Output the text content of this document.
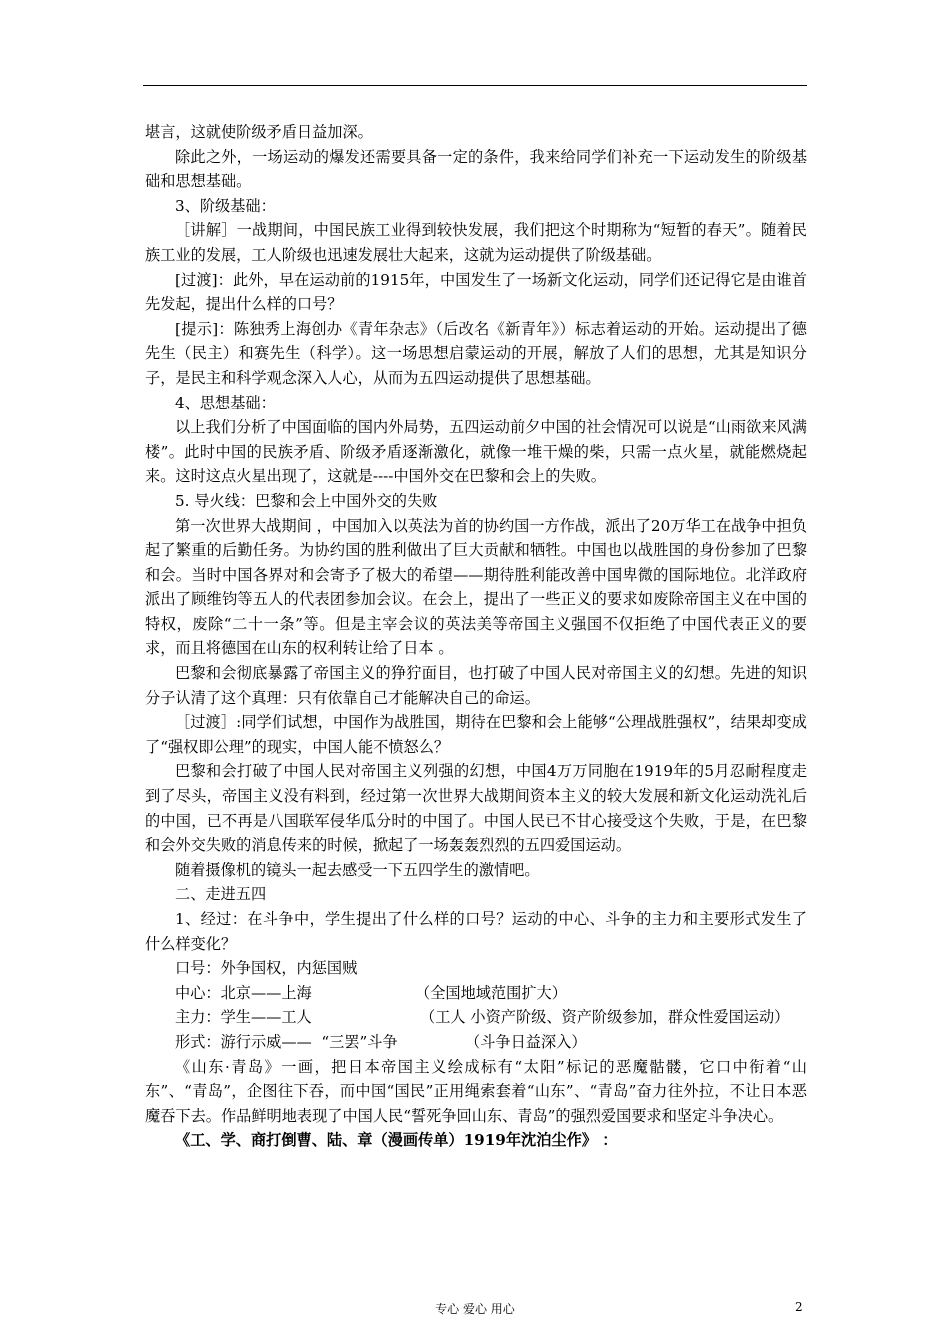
堪言，这就使阶级矛盾日益加深。

除此之外，一场运动的爆发还需要具备一定的条件，我来给同学们补充一下运动发生的阶级基础和思想基础。

3、阶级基础：

［讲解］一战期间，中国民族工业得到较快发展，我们把这个时期称为“短暂的春天”。随着民族工业的发展，工人阶级也迅速发展壮大起来，这就为运动提供了阶级基础。

[过渡]：此外，早在运动前的1915年，中国发生了一场新文化运动，同学们还记得它是由谁首先发起，提出什么样的口号？

[提示]：陈独秀上海创办《青年杂志》（后改名《新青年》）标志着运动的开始。运动提出了德先生（民主）和赛先生（科学）。这一场思想启蒙运动的开展，解放了人们的思想，尤其是知识分子，是民主和科学观念深入人心，从而为五四运动提供了思想基础。

4、思想基础：

以上我们分析了中国面临的国内外局势，五四运动前夕中国的社会情况可以说是“山雨欲来风满楼”。此时中国的民族矛盾、阶级矛盾逐渐激化，就像一堆干燥的柴，只需一点火星，就能燃烧起来。这时这点火星出现了，这就是----中国外交在巴黎和会上的失败。

5. 导火线：巴黎和会上中国外交的失败

第一次世界大战期间 ，中国加入以英法为首的协约国一方作战，派出了20万华工在战争中担负起了繁重的后勤任务。为协约国的胜利做出了巨大贡献和牺牲。中国也以战胜国的身份参加了巴黎和会。当时中国各界对和会寄予了极大的希望——期待胜利能改善中国卑微的国际地位。北洋政府派出了顾维钧等五人的代表团参加会议。在会上，提出了一些正义的要求如废除帝国主义在中国的特权，废除“二十一条”等。但是主宰会议的英法美等帝国主义强国不仅拒绝了中国代表正义的要求，而且将德国在山东的权利转让给了日本 。

巴黎和会彻底暴露了帝国主义的狰狞面目，也打破了中国人民对帝国主义的幻想。先进的知识分子认清了这个真理：只有依靠自己才能解决自己的命运。

［过渡］:同学们试想，中国作为战胜国，期待在巴黎和会上能够“公理战胜强权”，结果却变成了“强权即公理”的现实，中国人能不愤怒么？

巴黎和会打破了中国人民对帝国主义列强的幻想，中国4万万同胞在1919年的5月忍耐程度走到了尽头，帝国主义没有料到，经过第一次世界大战期间资本主义的较大发展和新文化运动洗礼后的中国，已不再是八国联军侵华瓜分时的中国了。中国人民已不甘心接受这个失败，于是，在巴黎和会外交失败的消息传来的时候，掀起了一场轰轰烈烈的五四爱国运动。

随着摄像机的镜头一起去感受一下五四学生的激情吧。

二、走进五四

1、经过：在斗争中，学生提出了什么样的口号？运动的中心、斗争的主力和主要形式发生了什么样变化？

口号：外争国权，内惩国贼

中心：北京——上海	（全国地域范围扩大）

主力：学生——工人	（工人 小资产阶级、资产阶级参加，群众性爱国运动）

形式：游行示威——  “三罢”斗争	（斗争日益深入）

《山东·青岛》一画，把日本帝国主义绘成标有“太阳”标记的恶魔骷髅，它口中衔着“山东”、“青岛”，企图往下吞，而中国“国民”正用绳索套着“山东”、“青岛”奋力往外拉，不让日本恶魔吞下去。作品鲜明地表现了中国人民“誓死争回山东、青岛”的强烈爱国要求和坚定斗争决心。

《工、学、商打倒曹、陆、章（漫画传单）1919年沈泊尘作》 ：

专心 爱心 用心	2
